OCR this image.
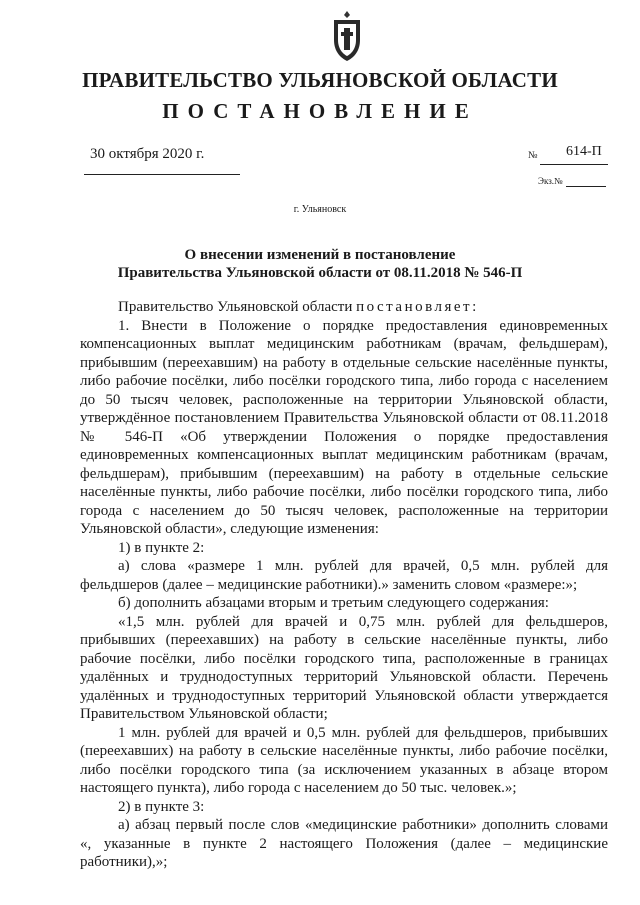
ПРАВИТЕЛЬСТВО УЛЬЯНОВСКОЙ ОБЛАСТИ
ПОСТАНОВЛЕНИЕ
30 октября 2020 г.	№ 614-П
Экз.№
г. Ульяновск
О внесении изменений в постановление
Правительства Ульяновской области от 08.11.2018 № 546-П

Правительство Ульяновской области постановляет:

1. Внести в Положение о порядке предоставления единовременных компенсационных выплат медицинским работникам (врачам, фельдшерам), прибывшим (переехавшим) на работу в отдельные сельские населённые пункты, либо рабочие посёлки, либо посёлки городского типа, либо города с населением до 50 тысяч человек, расположенные на территории Ульяновской области, утверждённое постановлением Правительства Ульяновской области от 08.11.2018 № 546-П «Об утверждении Положения о порядке предоставления единовременных компенсационных выплат медицинским работникам (врачам, фельдшерам), прибывшим (переехавшим) на работу в отдельные сельские населённые пункты, либо рабочие посёлки, либо посёлки городского типа, либо города с населением до 50 тысяч человек, расположенные на территории Ульяновской области», следующие изменения:

1) в пункте 2:

а) слова «размере 1 млн. рублей для врачей, 0,5 млн. рублей для фельдшеров (далее – медицинские работники).» заменить словом «размере:»;

б) дополнить абзацами вторым и третьим следующего содержания:

«1,5 млн. рублей для врачей и 0,75 млн. рублей для фельдшеров, прибывших (переехавших) на работу в сельские населённые пункты, либо рабочие посёлки, либо посёлки городского типа, расположенные в границах удалённых и труднодоступных территорий Ульяновской области. Перечень удалённых и труднодоступных территорий Ульяновской области утверждается Правительством Ульяновской области;

1 млн. рублей для врачей и 0,5 млн. рублей для фельдшеров, прибывших (переехавших) на работу в сельские населённые пункты, либо рабочие посёлки, либо посёлки городского типа (за исключением указанных в абзаце втором настоящего пункта), либо города с населением до 50 тыс. человек.»;

2) в пункте 3:

а) абзац первый после слов «медицинские работники» дополнить словами «, указанные в пункте 2 настоящего Положения (далее – медицинские работники),»;
